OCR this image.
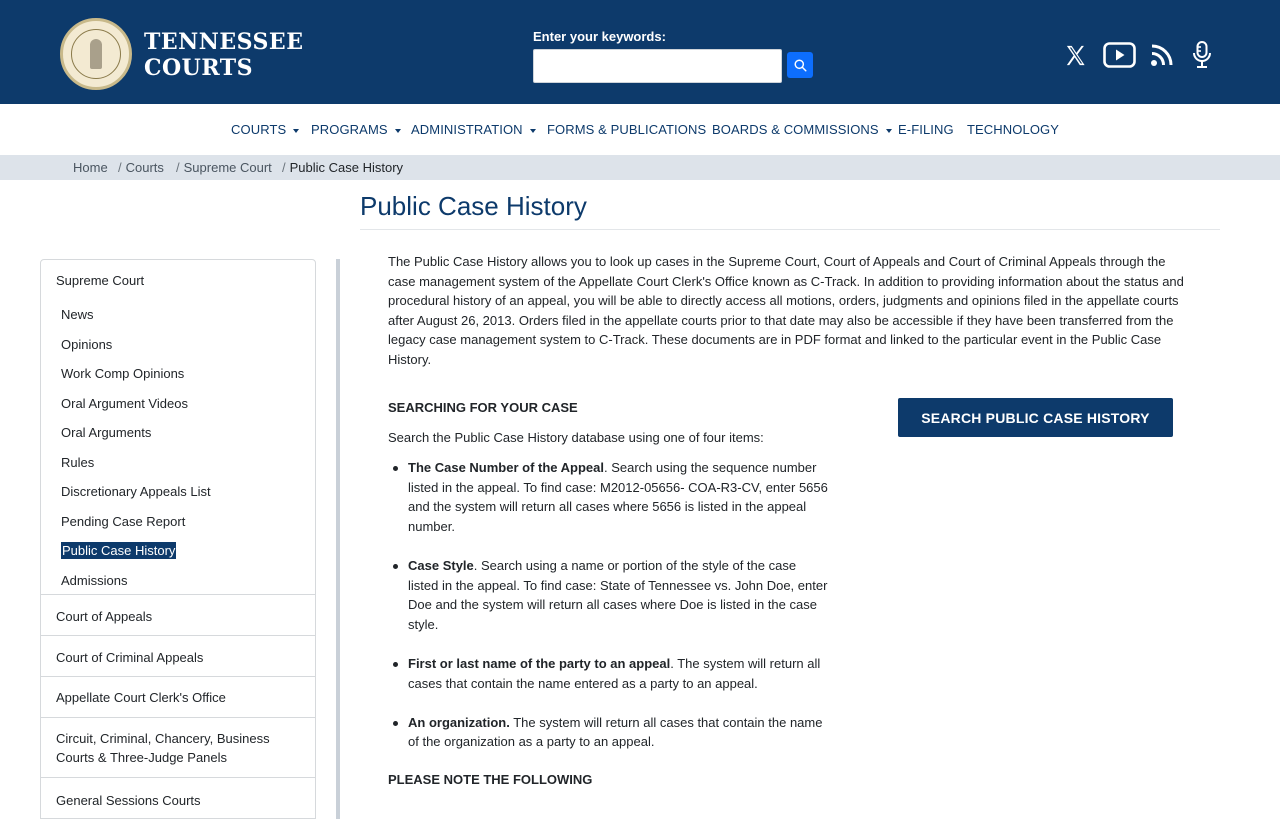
TENNESSEE
COURTS
Enter your keywords:
COURTS	PROGRAMS	ADMINISTRATION	FORMS & PUBLICATIONS BOARDS & COMMISSIONS	E-FILING TECHNOLOGY
Home / Courts / Supreme Court / Public Case History
Supreme Court
News
Opinions
Work Comp Opinions
Oral Argument Videos
Oral Arguments
Rules
Discretionary Appeals List
Pending Case Report
Public Case History
Admissions
Court of Appeals
Court of Criminal Appeals
Appellate Court Clerk's Office
Circuit, Criminal, Chancery, Business Courts & Three-Judge Panels
General Sessions Courts
Public Case History

The Public Case History allows you to look up cases in the Supreme Court, Court of Appeals and Court of Criminal Appeals through the case management system of the Appellate Court Clerk's Office known as C-Track. In addition to providing information about the status and procedural history of an appeal, you will be able to directly access all motions, orders, judgments and opinions filed in the appellate courts after August 26, 2013. Orders filed in the appellate courts prior to that date may also be accessible if they have been transferred from the legacy case management system to C-Track. These documents are in PDF format and linked to the particular event in the Public Case History.

SEARCHING FOR YOUR CASE
Search the Public Case History database using one of four items:
The Case Number of the Appeal. Search using the sequence number listed in the appeal. To find case: M2012-05656- COA-R3-CV, enter 5656 and the system will return all cases where 5656 is listed in the appeal number.
Case Style. Search using a name or portion of the style of the case listed in the appeal. To find case: State of Tennessee vs. John Doe, enter Doe and the system will return all cases where Doe is listed in the case style.
First or last name of the party to an appeal. The system will return all cases that contain the name entered as a party to an appeal.
An organization. The system will return all cases that contain the name of the organization as a party to an appeal.
PLEASE NOTE THE FOLLOWING
SEARCH PUBLIC CASE HISTORY
